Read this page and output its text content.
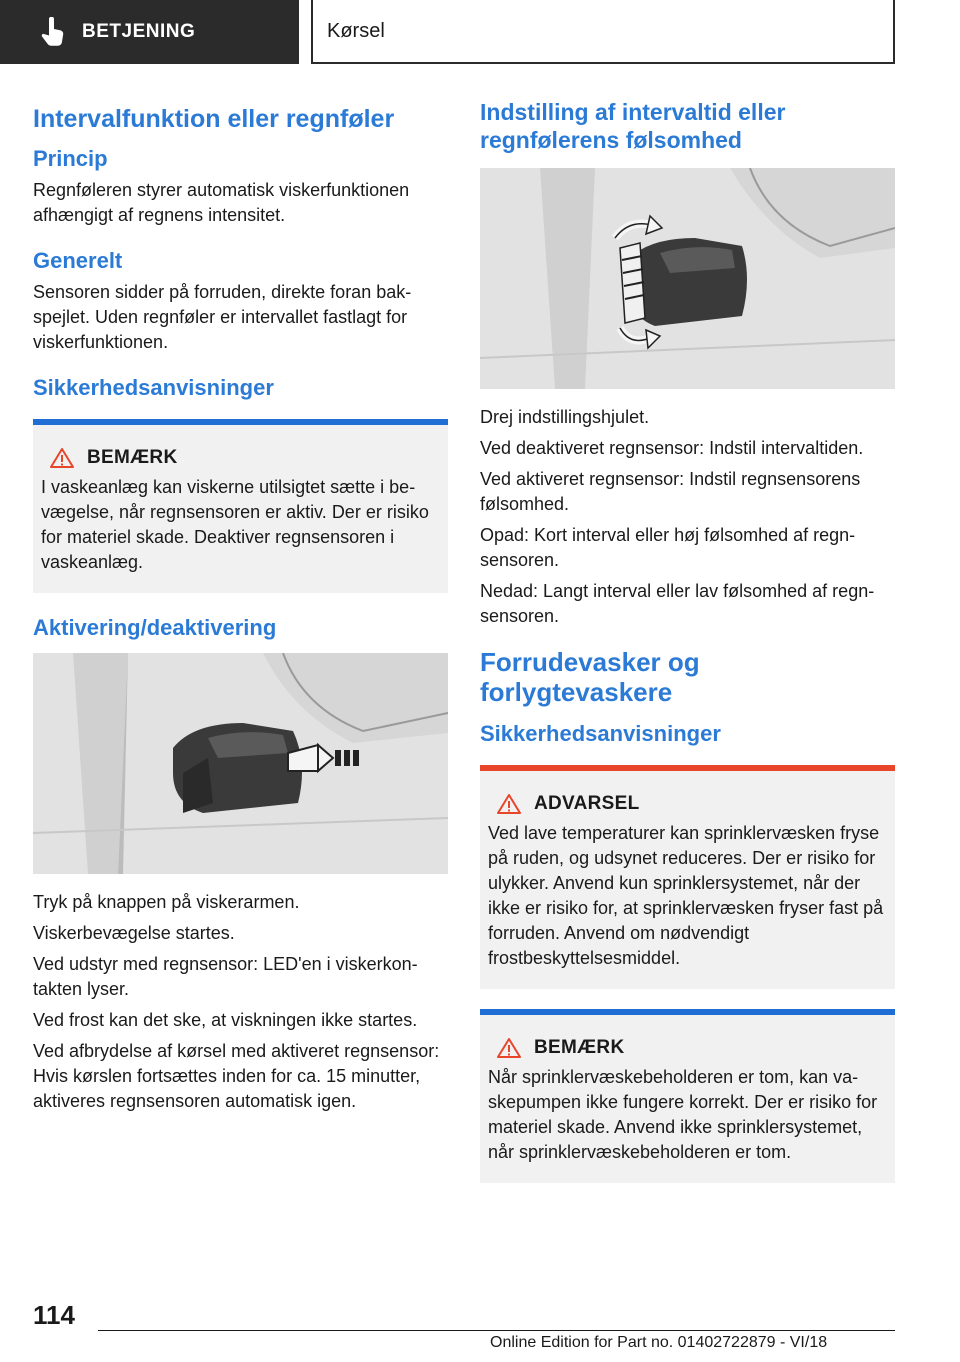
BETJENING	Kørsel
Intervalfunktion eller regnføler
Princip

Regnføleren styrer automatisk viskerfunktionen afhængigt af regnens intensitet.

Generelt

Sensoren sidder på forruden, direkte foran bakspejlet. Uden regnføler er intervallet fastlagt for viskerfunktionen.

Sikkerhedsanvisninger
BEMÆRK

I vaskeanlæg kan viskerne utilsigtet sætte i bevægelse, når regnsensoren er aktiv. Der er risiko for materiel skade. Deaktiver regnsensoren i vaskeanlæg.

Aktivering/deaktivering

Tryk på knappen på viskerarmen.

Viskerbevægelse startes.

Ved udstyr med regnsensor: LED'en i viskerkontakten lyser.

Ved frost kan det ske, at viskningen ikke startes.

Ved afbrydelse af kørsel med aktiveret regnsensor: Hvis kørslen fortsættes inden for ca. 15 minutter, aktiveres regnsensoren automatisk igen.

Indstilling af intervaltid eller regnfølerens følsomhed

Drej indstillingshjulet.

Ved deaktiveret regnsensor: Indstil intervaltiden.

Ved aktiveret regnsensor: Indstil regnsensorens følsomhed.

Opad: Kort interval eller høj følsomhed af regnsensoren.

Nedad: Langt interval eller lav følsomhed af regnsensoren.

Forrudevasker og forlygtevaskere
Sikkerhedsanvisninger
ADVARSEL

Ved lave temperaturer kan sprinklervæsken fryse på ruden, og udsynet reduceres. Der er risiko for ulykker. Anvend kun sprinklersystemet, når der ikke er risiko for, at sprinklervæsken fryser fast på forruden. Anvend om nødvendigt frostbeskyttelsesmiddel.

BEMÆRK

Når sprinklervæskebeholderen er tom, kan vaskepumpen ikke fungere korrekt. Der er risiko for materiel skade. Anvend ikke sprinklersystemet, når sprinklervæskebeholderen er tom.

114
Online Edition for Part no. 01402722879 - VI/18
